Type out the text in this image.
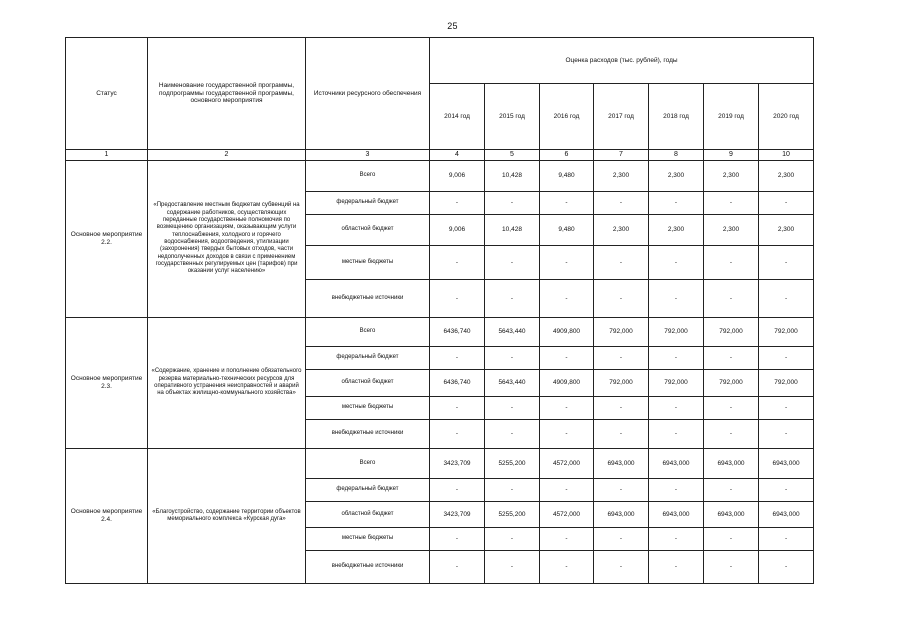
25
Статус	Наименование государственной программы, подпрограммы государственной программы, основного мероприятия	Источники ресурсного обеспечения	Оценка расходов (тыс. рублей), годы						
			2014 год	2015 год	2016 год	2017 год	2018 год	2019 год	2020 год
1	2	3	4	5	6	7	8	9	10
Основное мероприятие 2.2.	«Предоставление местным бюджетам субвенций на содержание работников, осуществляющих переданные государственные полномочия по возмещению организациям, оказывающим услуги теплоснабжения, холодного и горячего водоснабжения, водоотведения, утилизации (захоронения) твердых бытовых отходов, части недополученных доходов в связи с применением государственных регулируемых цен (тарифов) при оказании услуг населению»	Всего	9,006	10,428	9,480	2,300	2,300	2,300	2,300
		федеральный бюджет	-	-	-	-	-	-	-
		областной бюджет	9,006	10,428	9,480	2,300	2,300	2,300	2,300
		местные бюджеты	-	-	-	-	-	-	-
		внебюджетные источники	-	-	-	-	-	-	-
Основное мероприятие 2.3.	«Содержание, хранение и пополнение обязательного резерва материально-технических ресурсов для оперативного устранения неисправностей и аварий на объектах жилищно-коммунального хозяйства»	Всего	6436,740	5643,440	4909,800	792,000	792,000	792,000	792,000
		федеральный бюджет	-	-	-	-	-	-	-
		областной бюджет	6436,740	5643,440	4909,800	792,000	792,000	792,000	792,000
		местные бюджеты	-	-	-	-	-	-	-
		внебюджетные источники	-	-	-	-	-	-	-
Основное мероприятие 2.4.	«Благоустройство, содержание территории объектов мемориального комплекса «Курская дуга»	Всего	3423,709	5255,200	4572,000	6943,000	6943,000	6943,000	6943,000
		федеральный бюджет	-	-	-	-	-	-	-
		областной бюджет	3423,709	5255,200	4572,000	6943,000	6943,000	6943,000	6943,000
		местные бюджеты	-	-	-	-	-	-	-
		внебюджетные источники	-	-	-	-	-	-	-
